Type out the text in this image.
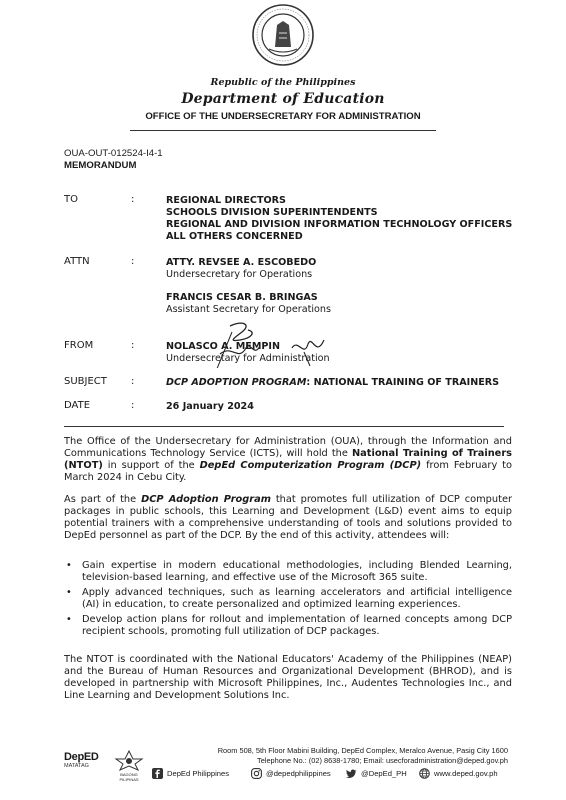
Republic of the Philippines
Department of Education
OFFICE OF THE UNDERSECRETARY FOR ADMINISTRATION
OUA-OUT-012524-I4-1
MEMORANDUM
TO	:	REGIONAL DIRECTORS
SCHOOLS DIVISION SUPERINTENDENTS
REGIONAL AND DIVISION INFORMATION TECHNOLOGY OFFICERS
ALL OTHERS CONCERNED
ATTN	:	ATTY. REVSEE A. ESCOBEDO
Undersecretary for Operations
FRANCIS CESAR B. BRINGAS
Assistant Secretary for Operations
FROM	:	NOLASCO A. MEMPIN
Undersecretary for Administration
SUBJECT :	DCP ADOPTION PROGRAM: NATIONAL TRAINING OF TRAINERS
DATE	:	26 January 2024
The Office of the Undersecretary for Administration (OUA), through the Information and Communications Technology Service (ICTS), will hold the National Training of Trainers (NTOT) in support of the DepEd Computerization Program (DCP) from February to March 2024 in Cebu City.
As part of the DCP Adoption Program that promotes full utilization of DCP computer packages in public schools, this Learning and Development (L&D) event aims to equip potential trainers with a comprehensive understanding of tools and solutions provided to DepEd personnel as part of the DCP. By the end of this activity, attendees will:
• Gain expertise in modern educational methodologies, including Blended Learning, television-based learning, and effective use of the Microsoft 365 suite.
• Apply advanced techniques, such as learning accelerators and artificial intelligence (AI) in education, to create personalized and optimized learning experiences.
• Develop action plans for rollout and implementation of learned concepts among DCP recipient schools, promoting full utilization of DCP packages.
The NTOT is coordinated with the National Educators' Academy of the Philippines (NEAP) and the Bureau of Human Resources and Organizational Development (BHROD), and is developed in partnership with Microsoft Philippines, Inc., Audentes Technologies Inc., and Line Learning and Development Solutions Inc.
Room 508, 5th Floor Mabini Building, DepEd Complex, Meralco Avenue, Pasig City 1600
Telephone No.: (02) 8638-1780; Email: usecforadministration@deped.gov.ph
DepED
MATATAG
BAGONG PILIPINAS
DepEd Philippines	@depedphilippines	@DepEd_PH	www.deped.gov.ph
